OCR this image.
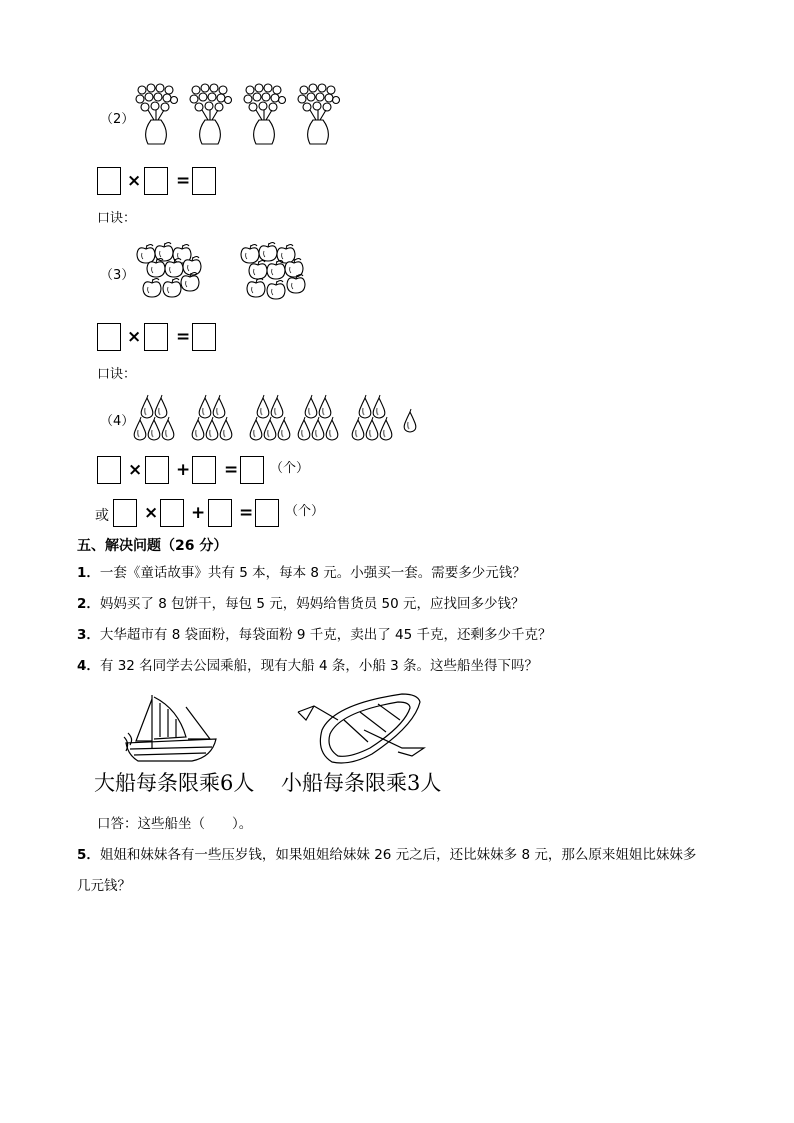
（2）
× =
口诀：
（3）
× =
口诀：
（4）
× + = （个）
或 × + = （个）
五、解决问题（26 分）
1．一套《童话故事》共有 5 本，每本 8 元。小强买一套。需要多少元钱？
2．妈妈买了 8 包饼干，每包 5 元，妈妈给售货员 50 元，应找回多少钱？
3．大华超市有 8 袋面粉，每袋面粉 9 千克，卖出了 45 千克，还剩多少千克？
4．有 32 名同学去公园乘船，现有大船 4 条，小船 3 条。这些船坐得下吗？
大船每条限乘6人 小船每条限乘3人
口答：这些船坐（　　）。
5．姐姐和妹妹各有一些压岁钱，如果姐姐给妹妹 26 元之后，还比妹妹多 8 元，那么原来姐姐比妹妹多
几元钱？
